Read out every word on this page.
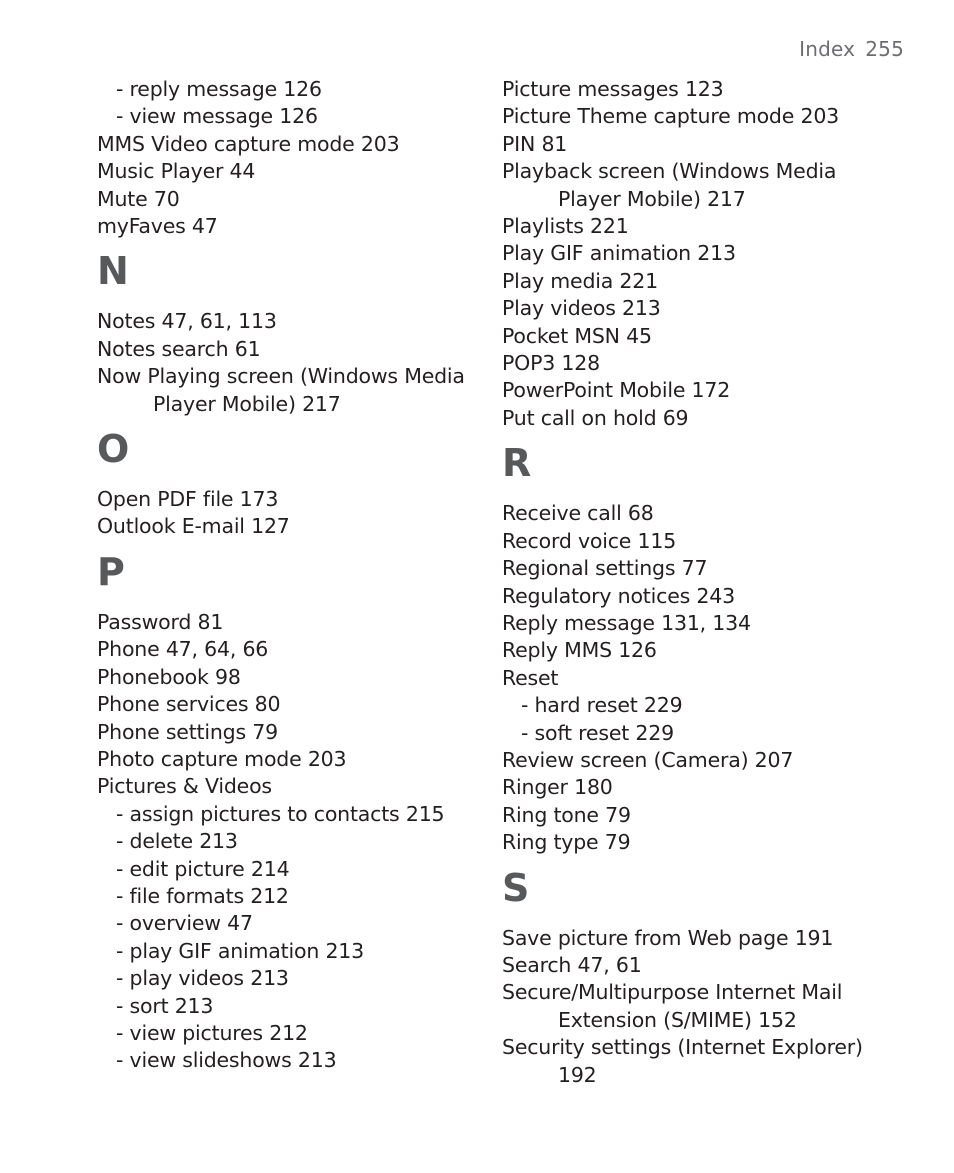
Index 255
- reply message 126
- view message 126
MMS Video capture mode 203
Music Player 44
Mute 70
myFaves 47
N
Notes 47, 61, 113
Notes search 61
Now Playing screen (Windows Media
Player Mobile) 217
O
Open PDF file 173
Outlook E-mail 127
P
Password 81
Phone 47, 64, 66
Phonebook 98
Phone services 80
Phone settings 79
Photo capture mode 203
Pictures & Videos
- assign pictures to contacts 215
- delete 213
- edit picture 214
- file formats 212
- overview 47
- play GIF animation 213
- play videos 213
- sort 213
- view pictures 212
- view slideshows 213
Picture messages 123
Picture Theme capture mode 203
PIN 81
Playback screen (Windows Media
Player Mobile) 217
Playlists 221
Play GIF animation 213
Play media 221
Play videos 213
Pocket MSN 45
POP3 128
PowerPoint Mobile 172
Put call on hold 69
R
Receive call 68
Record voice 115
Regional settings 77
Regulatory notices 243
Reply message 131, 134
Reply MMS 126
Reset
- hard reset 229
- soft reset 229
Review screen (Camera) 207
Ringer 180
Ring tone 79
Ring type 79
S
Save picture from Web page 191
Search 47, 61
Secure/Multipurpose Internet Mail
Extension (S/MIME) 152
Security settings (Internet Explorer)
192
